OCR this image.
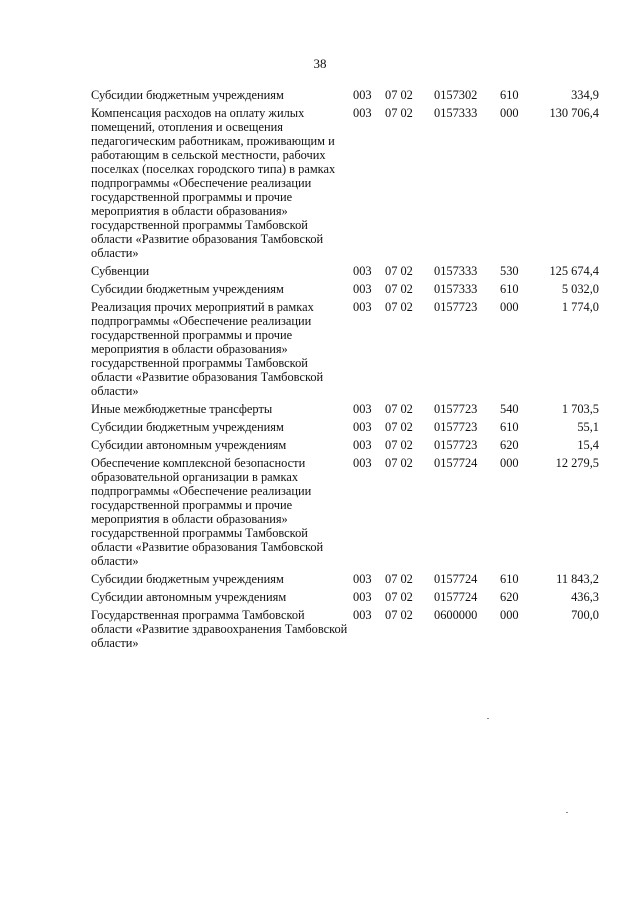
38
Субсидии бюджетным учреждениям	003	07 02	0157302	610	334,9
Компенсация расходов на оплату жилых помещений, отопления и освещения педагогическим работникам, проживающим и работающим в сельской местности, рабочих поселках (поселках городского типа) в рамках подпрограммы «Обеспечение реализации государственной программы и прочие мероприятия в области образования» государственной программы Тамбовской области «Развитие образования Тамбовской области»
003	07 02	0157333	000	130 706,4
Субвенции	003	07 02	0157333	530	125 674,4
Субсидии бюджетным учреждениям	003	07 02	0157333	610	5 032,0
Реализация прочих мероприятий в рамках подпрограммы «Обеспечение реализации государственной программы и прочие мероприятия в области образования» государственной программы Тамбовской области «Развитие образования Тамбовской области»
003	07 02	0157723	000	1 774,0
Иные межбюджетные трансферты	003	07 02	0157723	540	1 703,5
Субсидии бюджетным учреждениям	003	07 02	0157723	610	55,1
Субсидии автономным учреждениям	003	07 02	0157723	620	15,4
Обеспечение комплексной безопасности образовательной организации в рамках подпрограммы «Обеспечение реализации государственной программы и прочие мероприятия в области образования» государственной программы Тамбовской области «Развитие образования Тамбовской области»
003	07 02	0157724	000	12 279,5
Субсидии бюджетным учреждениям	003	07 02	0157724	610	11 843,2
Субсидии автономным учреждениям	003	07 02	0157724	620	436,3
Государственная программа Тамбовской области «Развитие здравоохранения Тамбовской области»
003	07 02	0600000	000	700,0
